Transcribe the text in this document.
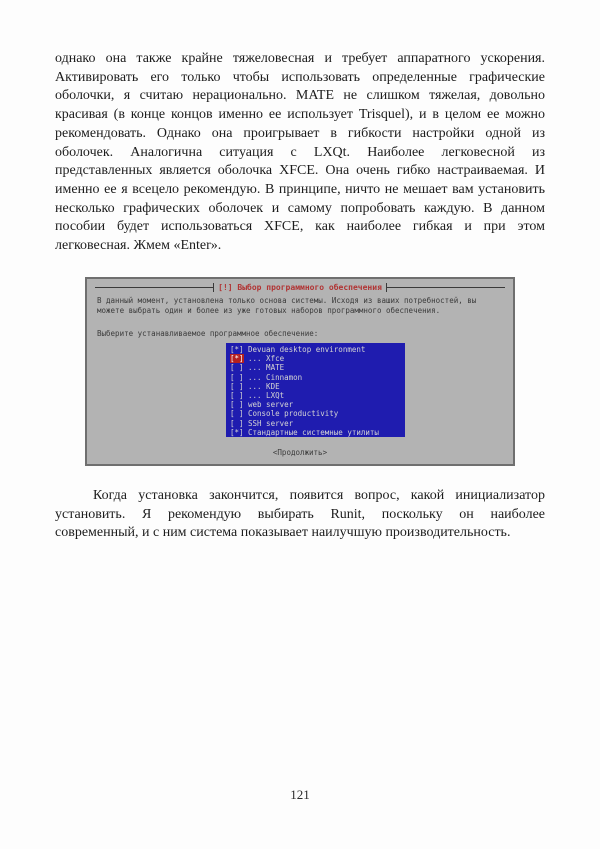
однако она также крайне тяжеловесная и требует аппаратного ускорения.
Активировать его только чтобы использовать определенные графические
оболочки, я считаю нерационально. MATE не слишком тяжелая, довольно
красивая (в конце концов именно ее использует Trisquel), и в целом ее можно
рекомендовать. Однако она проигрывает в гибкости настройки одной из
оболочек. Аналогична ситуация с LXQt. Наиболее легковесной из
представленных является оболочка XFCE. Она очень гибко настраиваемая. И
именно ее я всецело рекомендую. В принципе, ничто не мешает вам установить
несколько графических оболочек и самому попробовать каждую. В данном
пособии будет использоваться XFCE, как наиболее гибкая и при этом
легковесная. Жмем «Enter».
[!] Выбор программного обеспечения
В данный момент, установлена только основа системы. Исходя из ваших потребностей, вы
можете выбрать один и более из уже готовых наборов программного обеспечения.
Выберите устанавливаемое программное обеспечение:
[*] Devuan desktop environment
[*] ... Xfce
[ ] ... MATE
[ ] ... Cinnamon
[ ] ... KDE
[ ] ... LXQt
[ ] web server
[ ] Console productivity
[ ] SSH server
[*] Стандартные системные утилиты
<Продолжить>
Когда установка закончится, появится вопрос, какой инициализатор
установить. Я рекомендую выбирать Runit, поскольку он наиболее
современный, и с ним система показывает наилучшую производительность.
121
